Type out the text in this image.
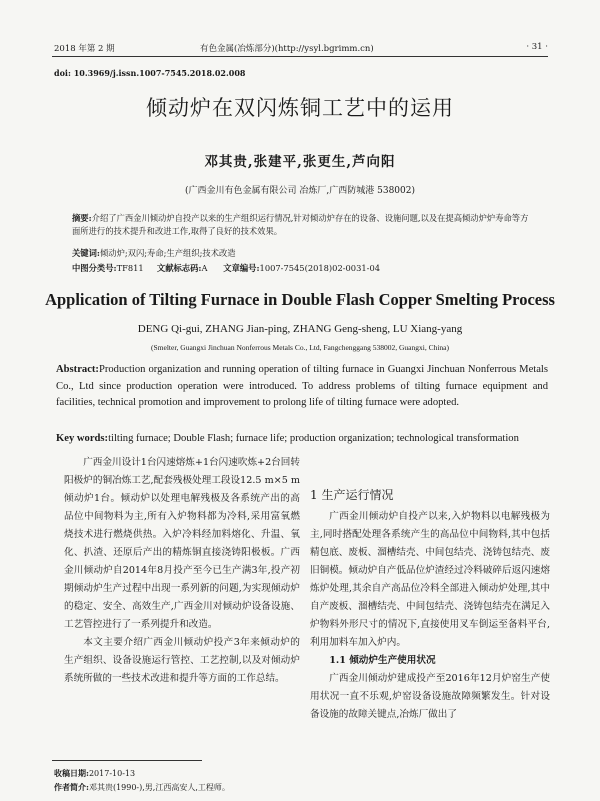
2018 年第 2 期	有色金属(冶炼部分)(http://ysyl.bgrimm.cn)	· 31 ·
doi: 10.3969/j.issn.1007-7545.2018.02.008
倾动炉在双闪炼铜工艺中的运用
邓其贵,张建平,张更生,芦向阳
(广西金川有色金属有限公司 冶炼厂,广西防城港 538002)
摘要:介绍了广西金川倾动炉自投产以来的生产组织运行情况,针对倾动炉存在的设备、设施问题,以及在提高倾动炉炉寿命等方面所进行的技术提升和改进工作,取得了良好的技术效果。
关键词:倾动炉;双闪;寿命;生产组织;技术改造
中图分类号:TF811 文献标志码:A 文章编号:1007-7545(2018)02-0031-04
Application of Tilting Furnace in Double Flash Copper Smelting Process
DENG Qi-gui, ZHANG Jian-ping, ZHANG Geng-sheng, LU Xiang-yang
(Smelter, Guangxi Jinchuan Nonferrous Metals Co., Ltd, Fangchenggang 538002, Guangxi, China)
Abstract:Production organization and running operation of tilting furnace in Guangxi Jinchuan Nonferrous Metals Co., Ltd since production operation were introduced. To address problems of tilting furnace equipment and facilities, technical promotion and improvement to prolong life of tilting furnace were adopted.
Key words:tilting furnace; Double Flash; furnace life; production organization; technological transformation

广西金川设计1台闪速熔炼+1台闪速吹炼+2台回转阳极炉的铜冶炼工艺,配套残极处理工段设12.5 m×5 m倾动炉1台。倾动炉以处理电解残极及各系统产出的高品位中间物料为主,所有入炉物料都为冷料,采用富氧燃烧技术进行燃烧供热。入炉冷料经加料熔化、升温、氧化、扒渣、还原后产出的精炼铜直接浇铸阳极板。广西金川倾动炉自2014年8月投产至今已生产满3年,投产初期倾动炉生产过程中出现一系列新的问题,为实现倾动炉的稳定、安全、高效生产,广西金川对倾动炉设备设施、工艺管控进行了一系列提升和改造。

本文主要介绍广西金川倾动炉投产3年来倾动炉的生产组织、设备设施运行管控、工艺控制,以及对倾动炉系统所做的一些技术改进和提升等方面的工作总结。

1 生产运行情况

广西金川倾动炉自投产以来,入炉物料以电解残极为主,同时搭配处理各系统产生的高品位中间物料,其中包括精包底、废板、溜槽结壳、中间包结壳、浇铸包结壳、废旧铜模。倾动炉自产低品位炉渣经过冷料破碎后返闪速熔炼炉处理,其余自产高品位冷料全部进入倾动炉处理,其中自产废板、溜槽结壳、中间包结壳、浇铸包结壳在满足入炉物料外形尺寸的情况下,直接使用叉车倒运至备料平台,利用加料车加入炉内。

1.1 倾动炉生产使用状况

广西金川倾动炉建成投产至2016年12月炉窑生产使用状况一直不乐观,炉窑设备设施故障频繁发生。针对设备设施的故障关键点,冶炼厂做出了

收稿日期:2017-10-13
作者简介:邓其贵(1990-),男,江西高安人,工程师。
